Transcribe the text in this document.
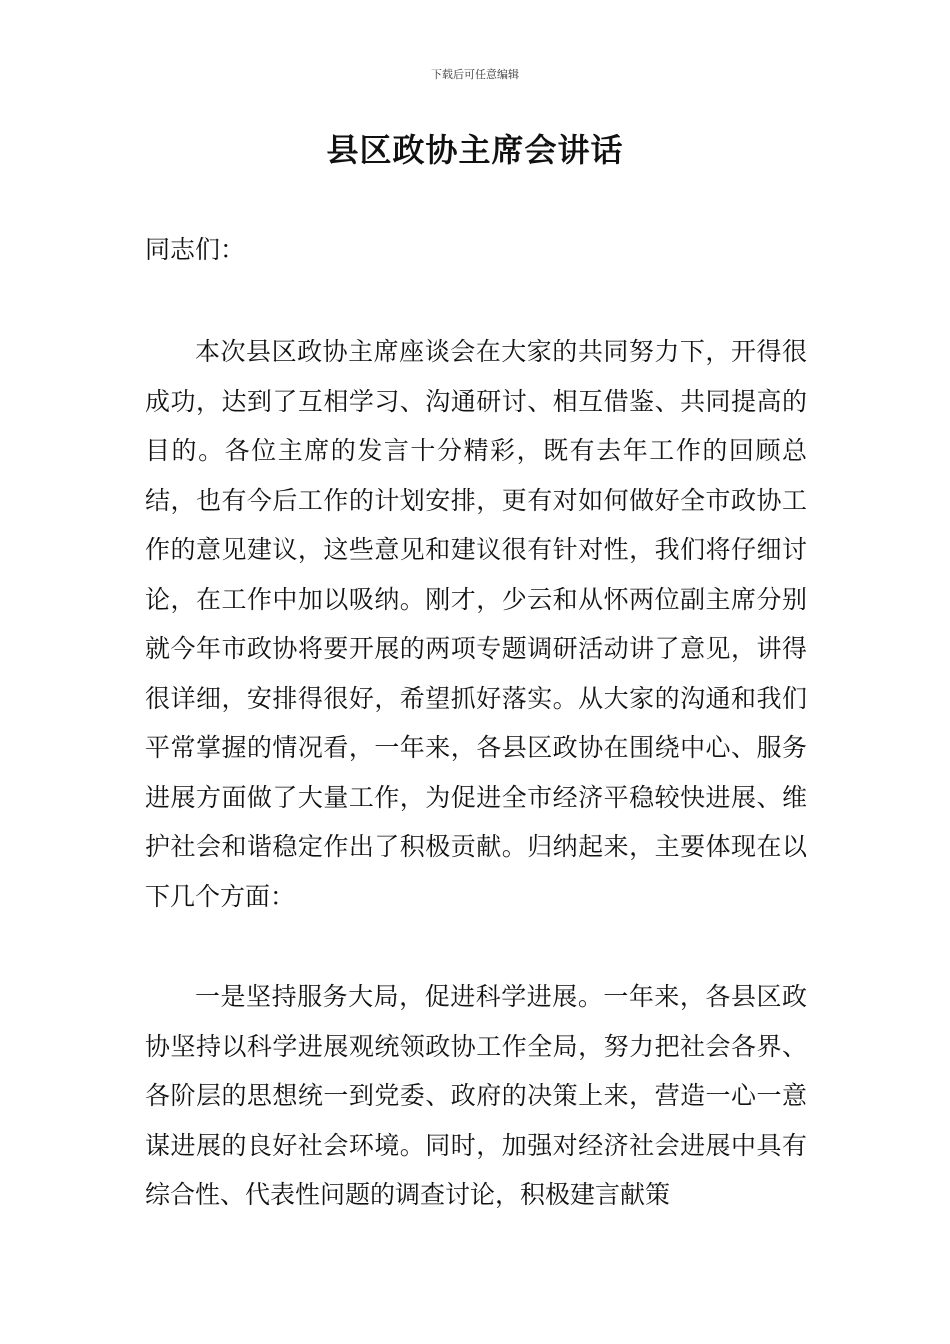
下载后可任意编辑
县区政协主席会讲话

同志们：

本次县区政协主席座谈会在大家的共同努力下，开得很成功，达到了互相学习、沟通研讨、相互借鉴、共同提高的目的。各位主席的发言十分精彩，既有去年工作的回顾总结，也有今后工作的计划安排，更有对如何做好全市政协工作的意见建议，这些意见和建议很有针对性，我们将仔细讨论，在工作中加以吸纳。刚才，少云和从怀两位副主席分别就今年市政协将要开展的两项专题调研活动讲了意见，讲得很详细，安排得很好，希望抓好落实。从大家的沟通和我们平常掌握的情况看，一年来，各县区政协在围绕中心、服务进展方面做了大量工作，为促进全市经济平稳较快进展、维护社会和谐稳定作出了积极贡献。归纳起来，主要体现在以下几个方面：

一是坚持服务大局，促进科学进展。一年来，各县区政协坚持以科学进展观统领政协工作全局，努力把社会各界、各阶层的思想统一到党委、政府的决策上来，营造一心一意谋进展的良好社会环境。同时，加强对经济社会进展中具有综合性、代表性问题的调查讨论，积极建言献策
